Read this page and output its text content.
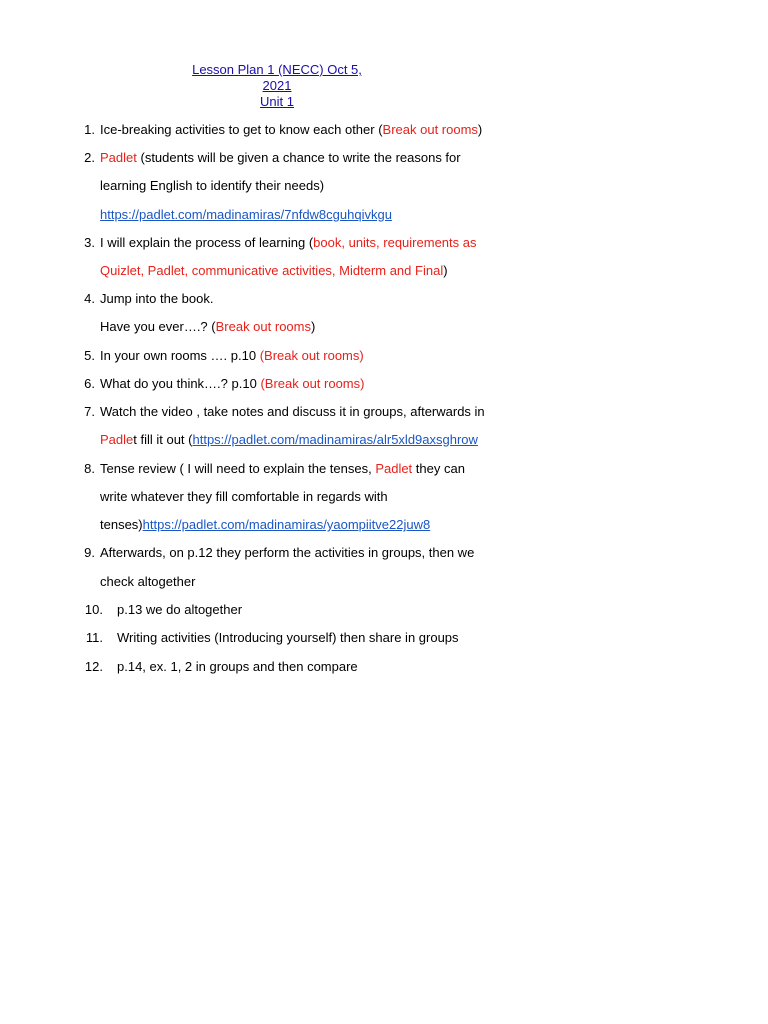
Lesson Plan 1 (NECC) Oct 5, 2021
Unit 1
1. Ice-breaking activities to get to know each other (Break out rooms)
2. Padlet (students will be given a chance to write the reasons for
learning English to identify their needs)
https://padlet.com/madinamiras/7nfdw8cguhqivkgu
3. I will explain the process of learning (book, units, requirements as
Quizlet, Padlet, communicative activities, Midterm and Final)
4. Jump into the book.
Have you ever….? (Break out rooms)
5. In your own rooms …. p.10 (Break out rooms)
6. What do you think….? p.10 (Break out rooms)
7. Watch the video , take notes and discuss it in groups, afterwards in
Padlet fill it out (https://padlet.com/madinamiras/alr5xld9axsghrow
8. Tense review ( I will need to explain the tenses, Padlet they can
write whatever they fill comfortable in regards with
tenses)https://padlet.com/madinamiras/yaompiitve22juw8
9. Afterwards, on p.12 they perform the activities in groups, then we
check altogether
10. p.13 we do altogether
11. Writing activities (Introducing yourself) then share in groups
12. p.14, ex. 1, 2 in groups and then compare
